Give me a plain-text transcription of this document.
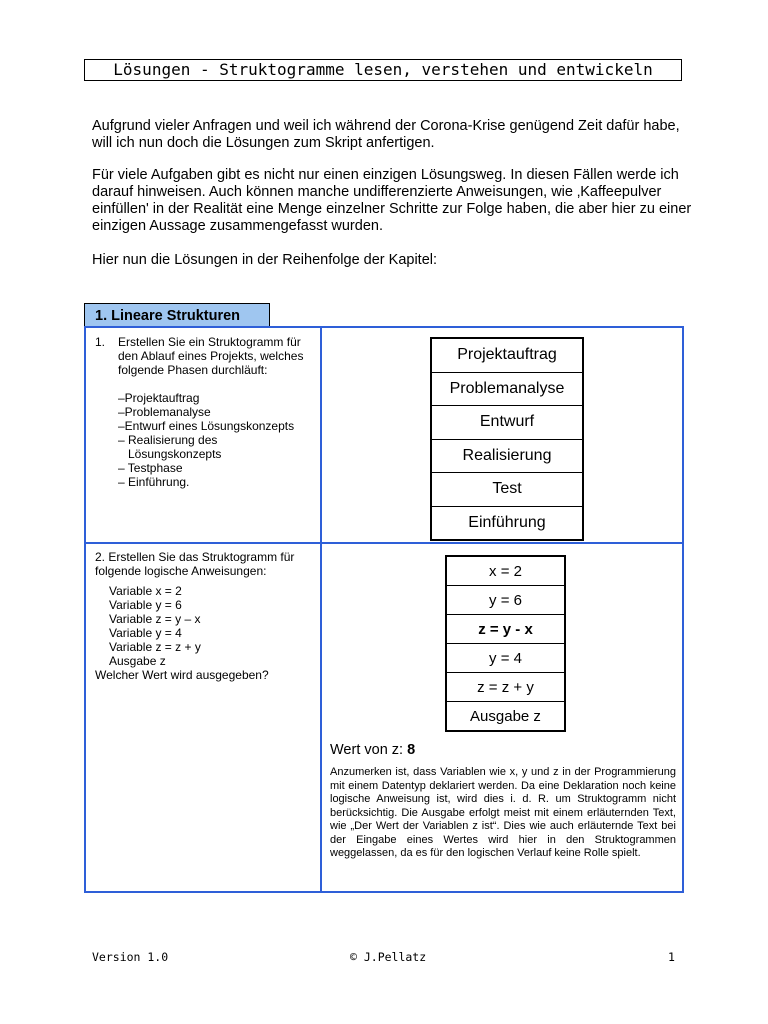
Lösungen - Struktogramme lesen, verstehen und entwickeln

Aufgrund vieler Anfragen und weil ich während der Corona-Krise genügend Zeit dafür habe, will ich nun doch die Lösungen zum Skript anfertigen.

Für viele Aufgaben gibt es nicht nur einen einzigen Lösungsweg. In diesen Fällen werde ich darauf hinweisen. Auch können manche undifferenzierte Anweisungen, wie ‚Kaffeepulver einfüllen' in der Realität eine Menge einzelner Schritte zur Folge haben, die aber hier zu einer einzigen Aussage zusammengefasst wurden.

Hier nun die Lösungen in der Reihenfolge der Kapitel:

1. Lineare Strukturen
1. Erstellen Sie ein Struktogramm für den Ablauf eines Projekts, welches folgende Phasen durchläuft:

–Projektauftrag

–Problemanalyse

–Entwurf eines Lösungskonzepts

– Realisierung des

Lösungskonzepts

– Testphase

– Einführung.

Projektauftrag
Problemanalyse
Entwurf
Realisierung
Test
Einführung

2. Erstellen Sie das Struktogramm für folgende logische Anweisungen:

Variable x = 2

Variable y = 6

Variable z = y – x

Variable y = 4

Variable z = z + y

Ausgabe z

Welcher Wert wird ausgegeben?

x = 2
y = 6
z = y - x
y = 4
z = z + y
Ausgabe z
Wert von z: 8

Anzumerken ist, dass Variablen wie x, y und z in der Programmierung mit einem Datentyp deklariert werden. Da eine Deklaration noch keine logische Anweisung ist, wird dies i. d. R. um Struktogramm nicht berücksichtig. Die Ausgabe erfolgt meist mit einem erläuternden Text, wie „Der Wert der Variablen z ist“. Dies wie auch erläuternde Text bei der Eingabe eines Wertes wird hier in den Struktogrammen weggelassen, da es für den logischen Verlauf keine Rolle spielt.

Version 1.0	© J.Pellatz	1
